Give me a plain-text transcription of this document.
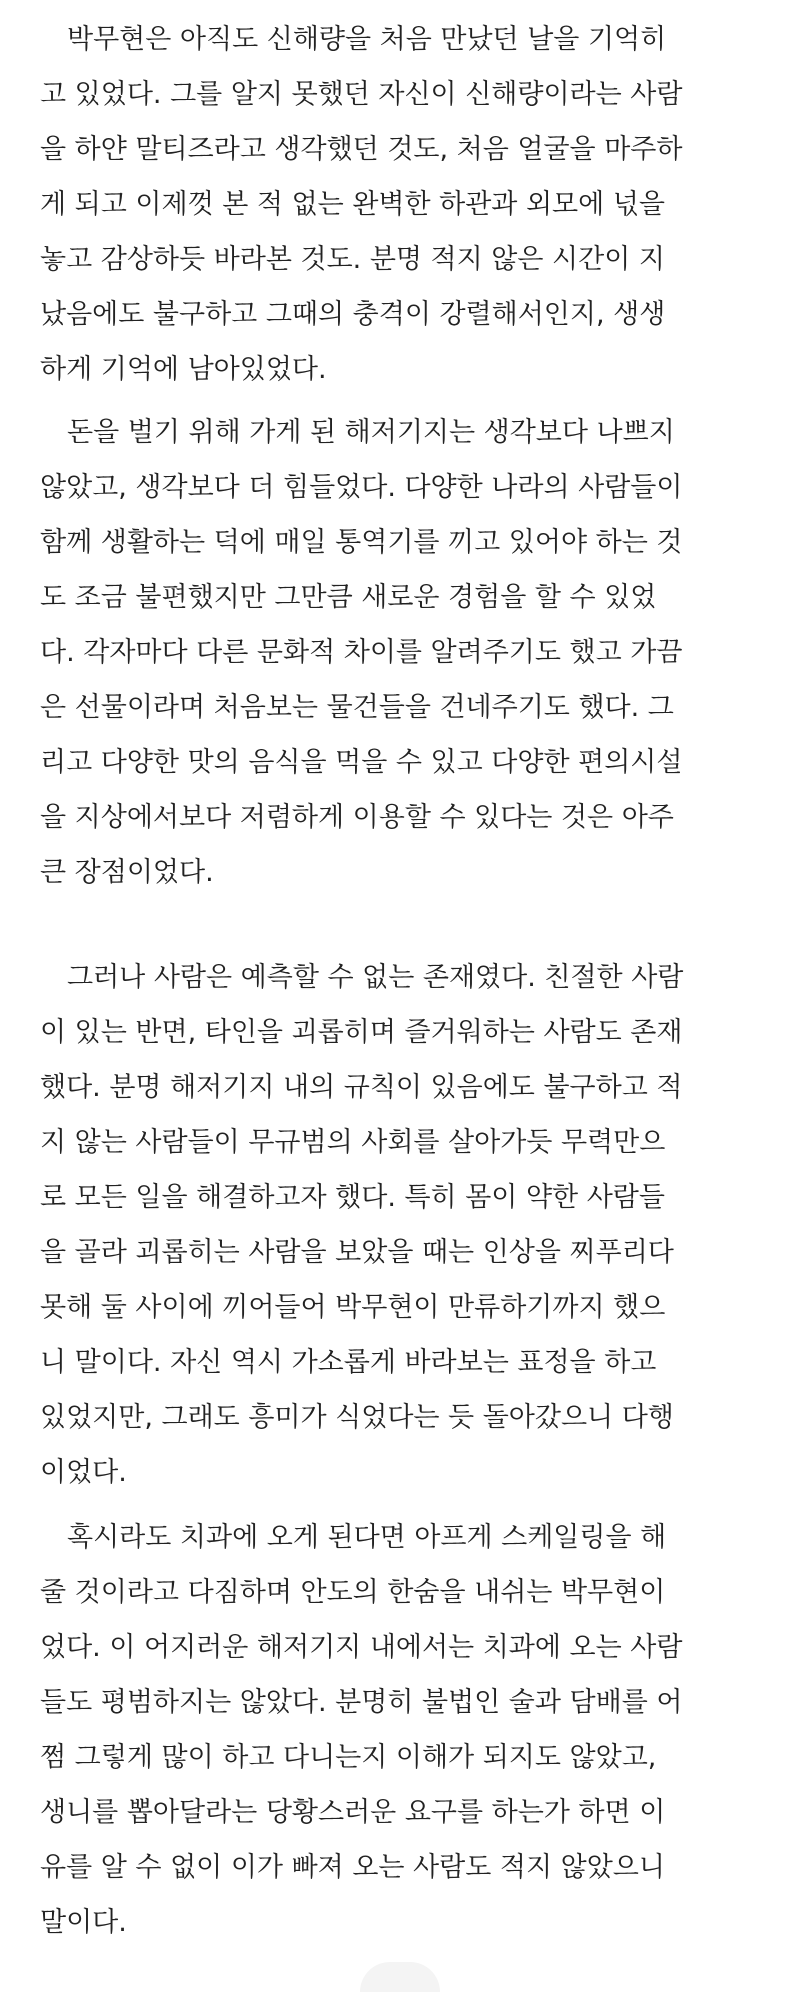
　박무현은 아직도 신해량을 처음 만났던 날을 기억히
고 있었다. 그를 알지 못했던 자신이 신해량이라는 사람
을 하얀 말티즈라고 생각했던 것도, 처음 얼굴을 마주하
게 되고 이제껏 본 적 없는 완벽한 하관과 외모에 넋을
놓고 감상하듯 바라본 것도. 분명 적지 않은 시간이 지
났음에도 불구하고 그때의 충격이 강렬해서인지, 생생
하게 기억에 남아있었다.
　돈을 벌기 위해 가게 된 해저기지는 생각보다 나쁘지
않았고, 생각보다 더 힘들었다. 다양한 나라의 사람들이
함께 생활하는 덕에 매일 통역기를 끼고 있어야 하는 것
도 조금 불편했지만 그만큼 새로운 경험을 할 수 있었
다. 각자마다 다른 문화적 차이를 알려주기도 했고 가끔
은 선물이라며 처음보는 물건들을 건네주기도 했다. 그
리고 다양한 맛의 음식을 먹을 수 있고 다양한 편의시설
을 지상에서보다 저렴하게 이용할 수 있다는 것은 아주
큰 장점이었다.
　그러나 사람은 예측할 수 없는 존재였다. 친절한 사람
이 있는 반면, 타인을 괴롭히며 즐거워하는 사람도 존재
했다. 분명 해저기지 내의 규칙이 있음에도 불구하고 적
지 않는 사람들이 무규범의 사회를 살아가듯 무력만으
로 모든 일을 해결하고자 했다. 특히 몸이 약한 사람들
을 골라 괴롭히는 사람을 보았을 때는 인상을 찌푸리다
못해 둘 사이에 끼어들어 박무현이 만류하기까지 했으
니 말이다. 자신 역시 가소롭게 바라보는 표정을 하고
있었지만, 그래도 흥미가 식었다는 듯 돌아갔으니 다행
이었다.
　혹시라도 치과에 오게 된다면 아프게 스케일링을 해
줄 것이라고 다짐하며 안도의 한숨을 내쉬는 박무현이
었다. 이 어지러운 해저기지 내에서는 치과에 오는 사람
들도 평범하지는 않았다. 분명히 불법인 술과 담배를 어
쩜 그렇게 많이 하고 다니는지 이해가 되지도 않았고,
생니를 뽑아달라는 당황스러운 요구를 하는가 하면 이
유를 알 수 없이 이가 빠져 오는 사람도 적지 않았으니
말이다.
